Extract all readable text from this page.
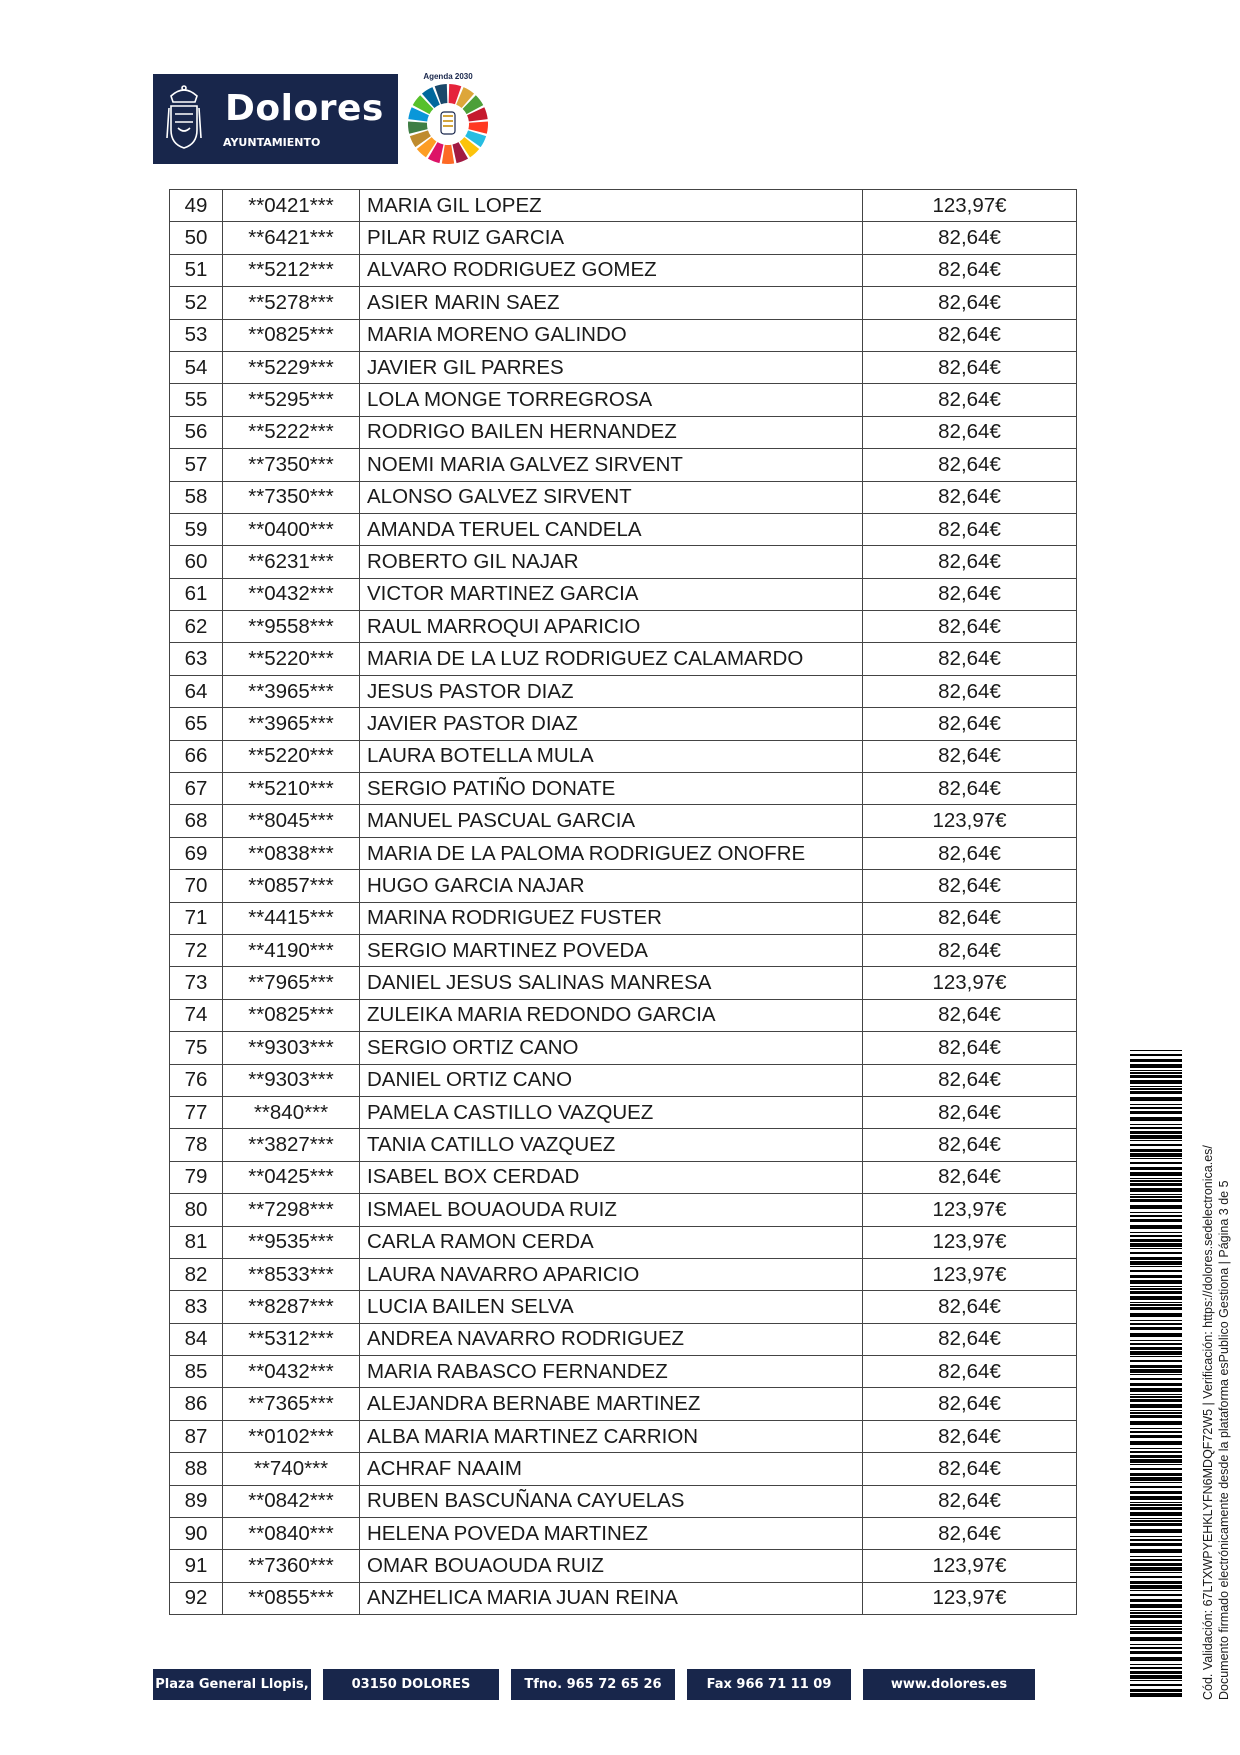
Dolores
AYUNTAMIENTO
Agenda 2030
49	**0421***	MARIA GIL LOPEZ	123,97€
50	**6421***	PILAR RUIZ GARCIA	82,64€
51	**5212***	ALVARO RODRIGUEZ GOMEZ	82,64€
52	**5278***	ASIER MARIN SAEZ	82,64€
53	**0825***	MARIA MORENO GALINDO	82,64€
54	**5229***	JAVIER GIL PARRES	82,64€
55	**5295***	LOLA MONGE TORREGROSA	82,64€
56	**5222***	RODRIGO BAILEN HERNANDEZ	82,64€
57	**7350***	NOEMI MARIA GALVEZ SIRVENT	82,64€
58	**7350***	ALONSO GALVEZ SIRVENT	82,64€
59	**0400***	AMANDA TERUEL CANDELA	82,64€
60	**6231***	ROBERTO GIL NAJAR	82,64€
61	**0432***	VICTOR MARTINEZ GARCIA	82,64€
62	**9558***	RAUL MARROQUI APARICIO	82,64€
63	**5220***	MARIA DE LA LUZ RODRIGUEZ CALAMARDO	82,64€
64	**3965***	JESUS PASTOR DIAZ	82,64€
65	**3965***	JAVIER PASTOR DIAZ	82,64€
66	**5220***	LAURA BOTELLA MULA	82,64€
67	**5210***	SERGIO PATIÑO DONATE	82,64€
68	**8045***	MANUEL PASCUAL GARCIA	123,97€
69	**0838***	MARIA DE LA PALOMA RODRIGUEZ ONOFRE	82,64€
70	**0857***	HUGO GARCIA NAJAR	82,64€
71	**4415***	MARINA RODRIGUEZ FUSTER	82,64€
72	**4190***	SERGIO MARTINEZ POVEDA	82,64€
73	**7965***	DANIEL JESUS SALINAS MANRESA	123,97€
74	**0825***	ZULEIKA MARIA REDONDO GARCIA	82,64€
75	**9303***	SERGIO ORTIZ CANO	82,64€
76	**9303***	DANIEL ORTIZ CANO	82,64€
77	**840***	PAMELA CASTILLO VAZQUEZ	82,64€
78	**3827***	TANIA CATILLO VAZQUEZ	82,64€
79	**0425***	ISABEL BOX CERDAD	82,64€
80	**7298***	ISMAEL BOUAOUDA RUIZ	123,97€
81	**9535***	CARLA RAMON CERDA	123,97€
82	**8533***	LAURA NAVARRO APARICIO	123,97€
83	**8287***	LUCIA BAILEN SELVA	82,64€
84	**5312***	ANDREA NAVARRO RODRIGUEZ	82,64€
85	**0432***	MARIA RABASCO FERNANDEZ	82,64€
86	**7365***	ALEJANDRA BERNABE MARTINEZ	82,64€
87	**0102***	ALBA MARIA MARTINEZ CARRION	82,64€
88	**740***	ACHRAF NAAIM	82,64€
89	**0842***	RUBEN BASCUÑANA CAYUELAS	82,64€
90	**0840***	HELENA POVEDA MARTINEZ	82,64€
91	**7360***	OMAR BOUAOUDA RUIZ	123,97€
92	**0855***	ANZHELICA MARIA JUAN REINA	123,97€
Plaza General Llopis, 1
03150 DOLORES (Alicante)
Tfno. 965 72 65 26	Fax 966 71 11 09	www.dolores.es	Cód. Validación: 67LTXWPYEHKLYFN6MDQF72W5 | Verificación: https://dolores.sedelectronica.es/ Documento firmado electrónicamente desde la plataforma esPublico Gestiona | Página 3 de 5
